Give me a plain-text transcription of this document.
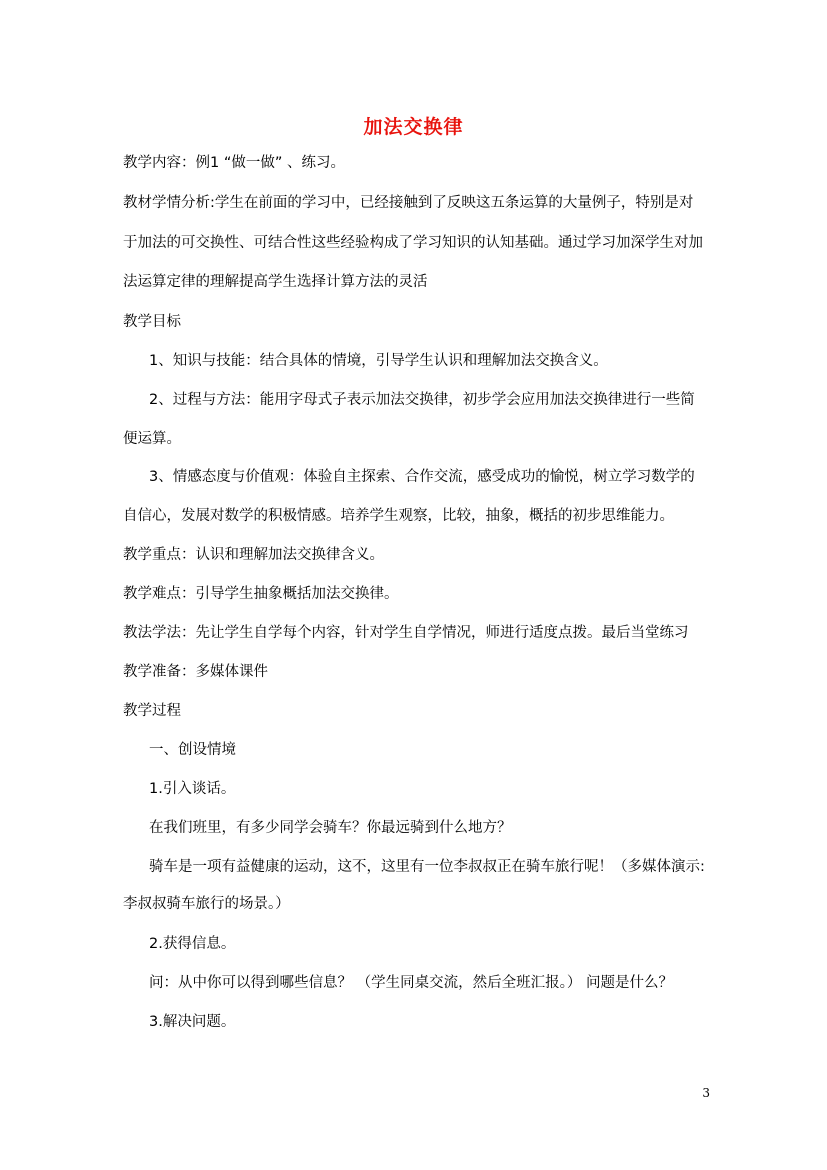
加法交换律
教学内容：例1 “做一做” 、练习。
教材学情分析:学生在前面的学习中，已经接触到了反映这五条运算的大量例子，特别是对
于加法的可交换性、可结合性这些经验构成了学习知识的认知基础。通过学习加深学生对加
法运算定律的理解提高学生选择计算方法的灵活
教学目标
1、知识与技能：结合具体的情境，引导学生认识和理解加法交换含义。
2、过程与方法：能用字母式子表示加法交换律，初步学会应用加法交换律进行一些简
便运算。
3、情感态度与价值观：体验自主探索、合作交流，感受成功的愉悦，树立学习数学的
自信心，发展对数学的积极情感。培养学生观察，比较，抽象，概括的初步思维能力。
教学重点：认识和理解加法交换律含义。
教学难点：引导学生抽象概括加法交换律。
教法学法：先让学生自学每个内容，针对学生自学情况，师进行适度点拨。最后当堂练习
教学准备：多媒体课件
教学过程
一、创设情境
1.引入谈话。
在我们班里，有多少同学会骑车？你最远骑到什么地方？
骑车是一项有益健康的运动，这不，这里有一位李叔叔正在骑车旅行呢！（多媒体演示:
李叔叔骑车旅行的场景。）
2.获得信息。
问：从中你可以得到哪些信息？ （学生同桌交流，然后全班汇报。） 问题是什么？
3.解决问题。
3
